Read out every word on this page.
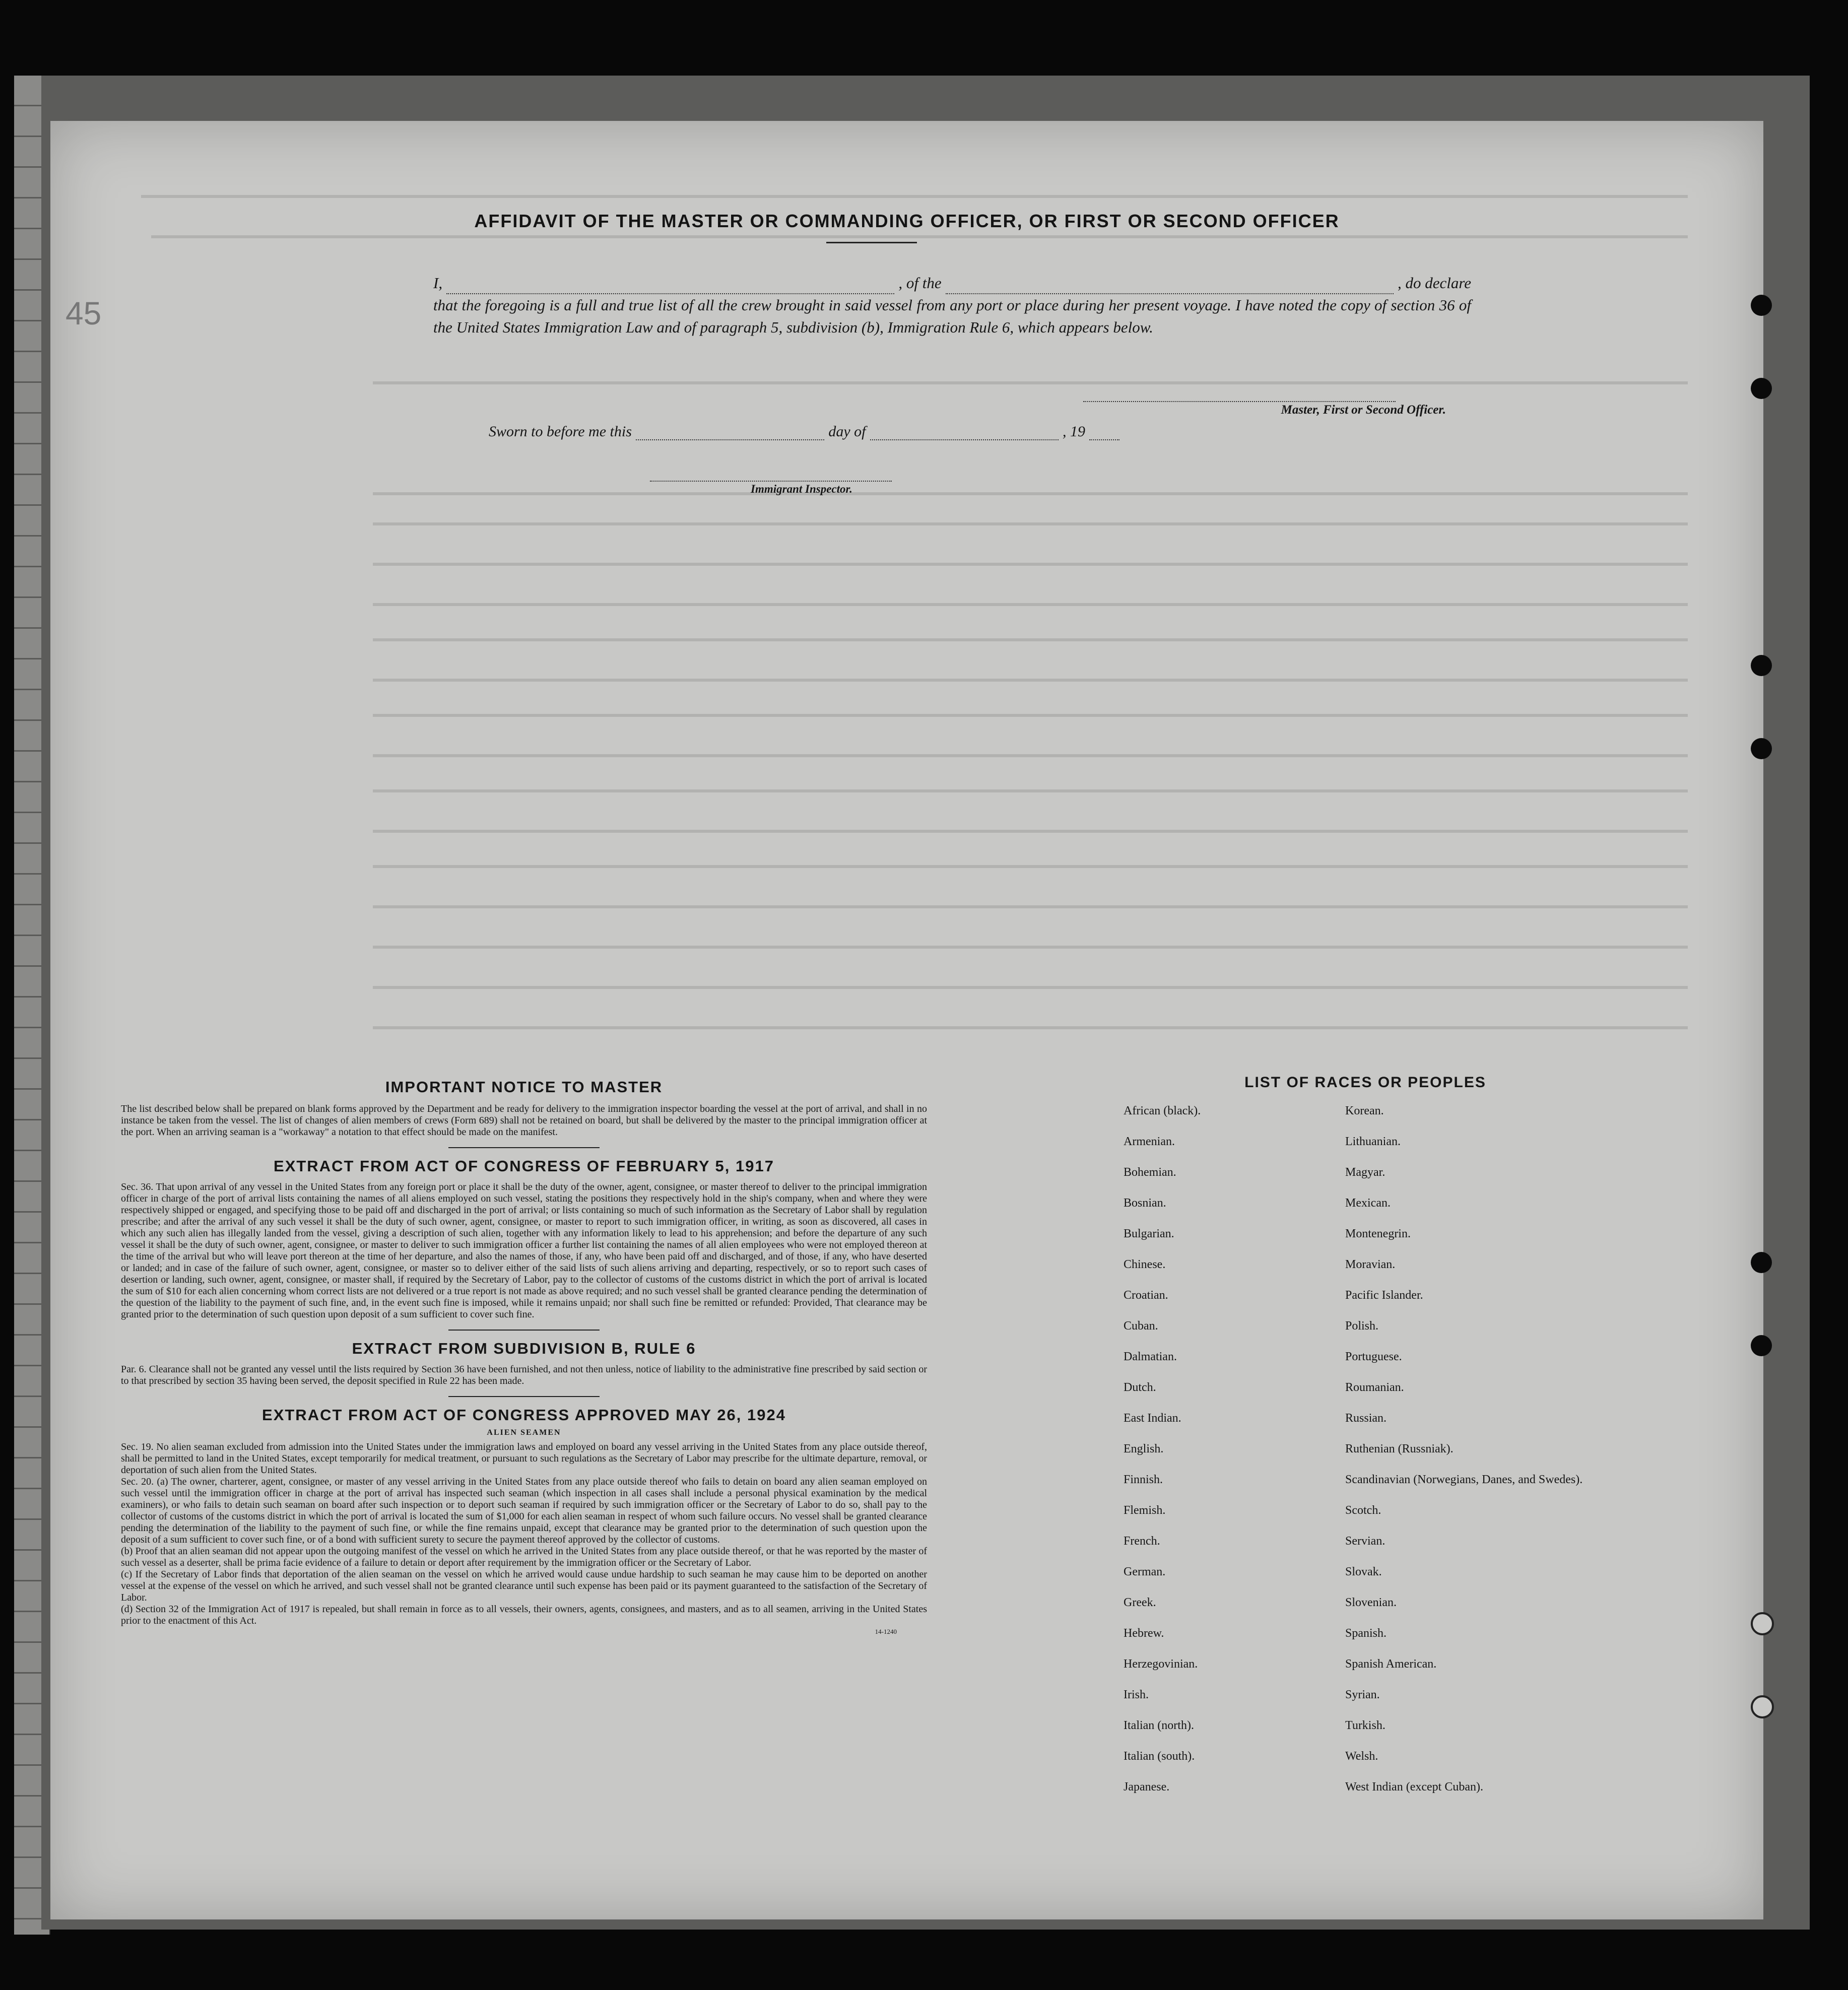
45
AFFIDAVIT OF THE MASTER OR COMMANDING OFFICER, OR FIRST OR SECOND OFFICER
I,	, of the	, do declare
that the foregoing is a full and true list of all the crew brought in said vessel from any port or place during her present voyage. I have noted the copy of section 36 of the United States Immigration Law and of paragraph 5, subdivision (b), Immigration Rule 6, which appears below.
Master, First or Second Officer.
Sworn to before me this	day of	, 19
Immigrant Inspector.
IMPORTANT NOTICE TO MASTER

The list described below shall be prepared on blank forms approved by the Department and be ready for delivery to the immigration inspector boarding the vessel at the port of arrival, and shall in no instance be taken from the vessel. The list of changes of alien members of crews (Form 689) shall not be retained on board, but shall be delivered by the master to the principal immigration officer at the port. When an arriving seaman is a "workaway" a notation to that effect should be made on the manifest.

EXTRACT FROM ACT OF CONGRESS OF FEBRUARY 5, 1917

Sec. 36. That upon arrival of any vessel in the United States from any foreign port or place it shall be the duty of the owner, agent, consignee, or master thereof to deliver to the principal immigration officer in charge of the port of arrival lists containing the names of all aliens employed on such vessel, stating the positions they respectively hold in the ship's company, when and where they were respectively shipped or engaged, and specifying those to be paid off and discharged in the port of arrival; or lists containing so much of such information as the Secretary of Labor shall by regulation prescribe; and after the arrival of any such vessel it shall be the duty of such owner, agent, consignee, or master to report to such immigration officer, in writing, as soon as discovered, all cases in which any such alien has illegally landed from the vessel, giving a description of such alien, together with any information likely to lead to his apprehension; and before the departure of any such vessel it shall be the duty of such owner, agent, consignee, or master to deliver to such immigration officer a further list containing the names of all alien employees who were not employed thereon at the time of the arrival but who will leave port thereon at the time of her departure, and also the names of those, if any, who have been paid off and discharged, and of those, if any, who have deserted or landed; and in case of the failure of such owner, agent, consignee, or master so to deliver either of the said lists of such aliens arriving and departing, respectively, or so to report such cases of desertion or landing, such owner, agent, consignee, or master shall, if required by the Secretary of Labor, pay to the collector of customs of the customs district in which the port of arrival is located the sum of $10 for each alien concerning whom correct lists are not delivered or a true report is not made as above required; and no such vessel shall be granted clearance pending the determination of the question of the liability to the payment of such fine, and, in the event such fine is imposed, while it remains unpaid; nor shall such fine be remitted or refunded: Provided, That clearance may be granted prior to the determination of such question upon deposit of a sum sufficient to cover such fine.

EXTRACT FROM SUBDIVISION B, RULE 6

Par. 6. Clearance shall not be granted any vessel until the lists required by Section 36 have been furnished, and not then unless, notice of liability to the administrative fine prescribed by said section or to that prescribed by section 35 having been served, the deposit specified in Rule 22 has been made.

EXTRACT FROM ACT OF CONGRESS APPROVED MAY 26, 1924
ALIEN SEAMEN

Sec. 19. No alien seaman excluded from admission into the United States under the immigration laws and employed on board any vessel arriving in the United States from any place outside thereof, shall be permitted to land in the United States, except temporarily for medical treatment, or pursuant to such regulations as the Secretary of Labor may prescribe for the ultimate departure, removal, or deportation of such alien from the United States.

Sec. 20. (a) The owner, charterer, agent, consignee, or master of any vessel arriving in the United States from any place outside thereof who fails to detain on board any alien seaman employed on such vessel until the immigration officer in charge at the port of arrival has inspected such seaman (which inspection in all cases shall include a personal physical examination by the medical examiners), or who fails to detain such seaman on board after such inspection or to deport such seaman if required by such immigration officer or the Secretary of Labor to do so, shall pay to the collector of customs of the customs district in which the port of arrival is located the sum of $1,000 for each alien seaman in respect of whom such failure occurs. No vessel shall be granted clearance pending the determination of the liability to the payment of such fine, or while the fine remains unpaid, except that clearance may be granted prior to the determination of such question upon the deposit of a sum sufficient to cover such fine, or of a bond with sufficient surety to secure the payment thereof approved by the collector of customs.

(b) Proof that an alien seaman did not appear upon the outgoing manifest of the vessel on which he arrived in the United States from any place outside thereof, or that he was reported by the master of such vessel as a deserter, shall be prima facie evidence of a failure to detain or deport after requirement by the immigration officer or the Secretary of Labor.

(c) If the Secretary of Labor finds that deportation of the alien seaman on the vessel on which he arrived would cause undue hardship to such seaman he may cause him to be deported on another vessel at the expense of the vessel on which he arrived, and such vessel shall not be granted clearance until such expense has been paid or its payment guaranteed to the satisfaction of the Secretary of Labor.

(d) Section 32 of the Immigration Act of 1917 is repealed, but shall remain in force as to all vessels, their owners, agents, consignees, and masters, and as to all seamen, arriving in the United States prior to the enactment of this Act.

14-1240
LIST OF RACES OR PEOPLES
African (black).	Korean.
Armenian.	Lithuanian.
Bohemian.	Magyar.
Bosnian.	Mexican.
Bulgarian.	Montenegrin.
Chinese.	Moravian.
Croatian.	Pacific Islander.
Cuban.	Polish.
Dalmatian.	Portuguese.
Dutch.	Roumanian.
East Indian.	Russian.
English.	Ruthenian (Russniak).
Finnish.	Scandinavian (Norwegians, Danes, and Swedes).
Flemish.	Scotch.
French.	Servian.
German.	Slovak.
Greek.	Slovenian.
Hebrew.	Spanish.
Herzegovinian.	Spanish American.
Irish.	Syrian.
Italian (north).	Turkish.
Italian (south).	Welsh.
Japanese.	West Indian (except Cuban).
